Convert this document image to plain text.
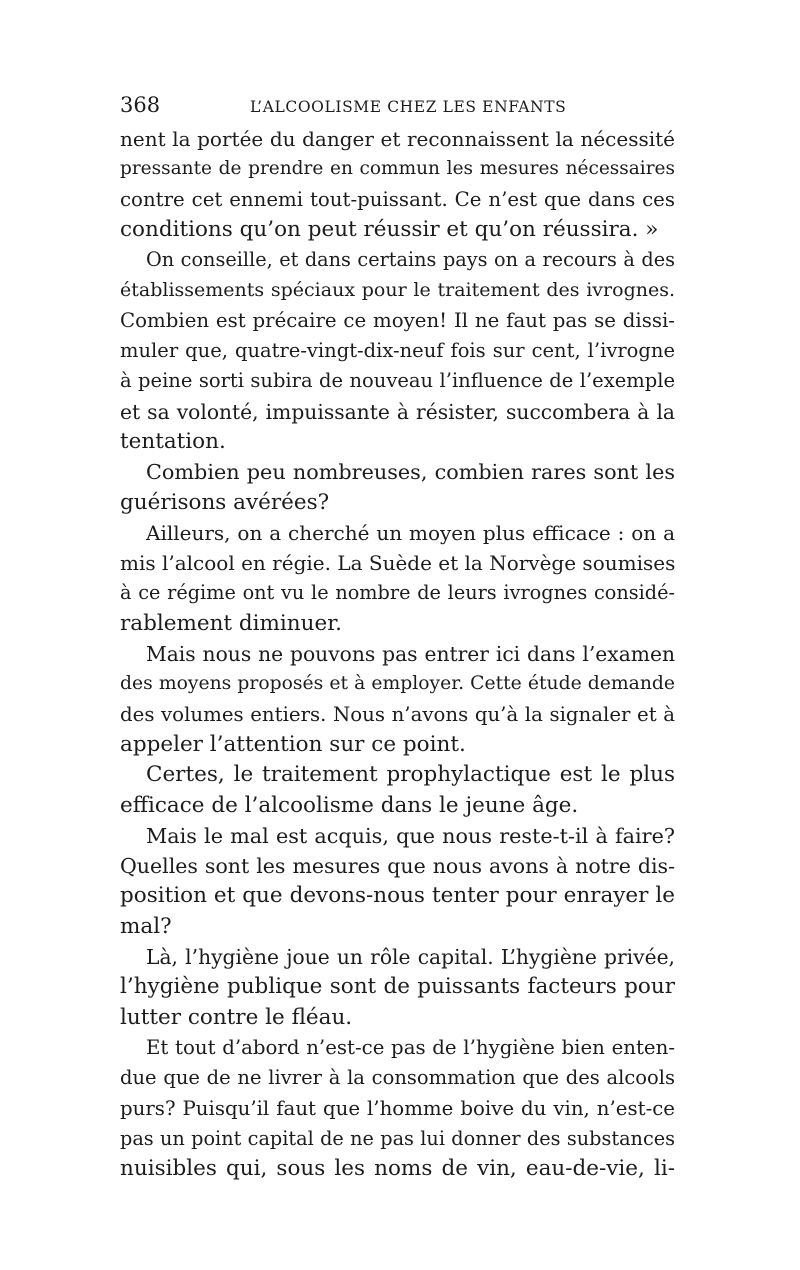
368	L’ALCOOLISME CHEZ LES ENFANTS
nent la portée du danger et reconnaissent la nécessité
pressante de prendre en commun les mesures nécessaires
contre cet ennemi tout-puissant. Ce n’est que dans ces
conditions qu’on peut réussir et qu’on réussira. »
On conseille, et dans certains pays on a recours à des
établissements spéciaux pour le traitement des ivrognes.
Combien est précaire ce moyen! Il ne faut pas se dissi-
muler que, quatre-vingt-dix-neuf fois sur cent, l’ivrogne
à peine sorti subira de nouveau l’influence de l’exemple
et sa volonté, impuissante à résister, succombera à la
tentation.
Combien peu nombreuses, combien rares sont les
guérisons avérées?
Ailleurs, on a cherché un moyen plus efficace : on a
mis l’alcool en régie. La Suède et la Norvège soumises
à ce régime ont vu le nombre de leurs ivrognes considé-
rablement diminuer.
Mais nous ne pouvons pas entrer ici dans l’examen
des moyens proposés et à employer. Cette étude demande
des volumes entiers. Nous n’avons qu’à la signaler et à
appeler l’attention sur ce point.
Certes, le traitement prophylactique est le plus
efficace de l’alcoolisme dans le jeune âge.
Mais le mal est acquis, que nous reste-t-il à faire?
Quelles sont les mesures que nous avons à notre dis-
position et que devons-nous tenter pour enrayer le
mal?
Là, l’hygiène joue un rôle capital. L’hygiène privée,
l’hygiène publique sont de puissants facteurs pour
lutter contre le fléau.
Et tout d’abord n’est-ce pas de l’hygiène bien enten-
due que de ne livrer à la consommation que des alcools
purs? Puisqu’il faut que l’homme boive du vin, n’est-ce
pas un point capital de ne pas lui donner des substances
nuisibles qui, sous les noms de vin, eau-de-vie, li-
